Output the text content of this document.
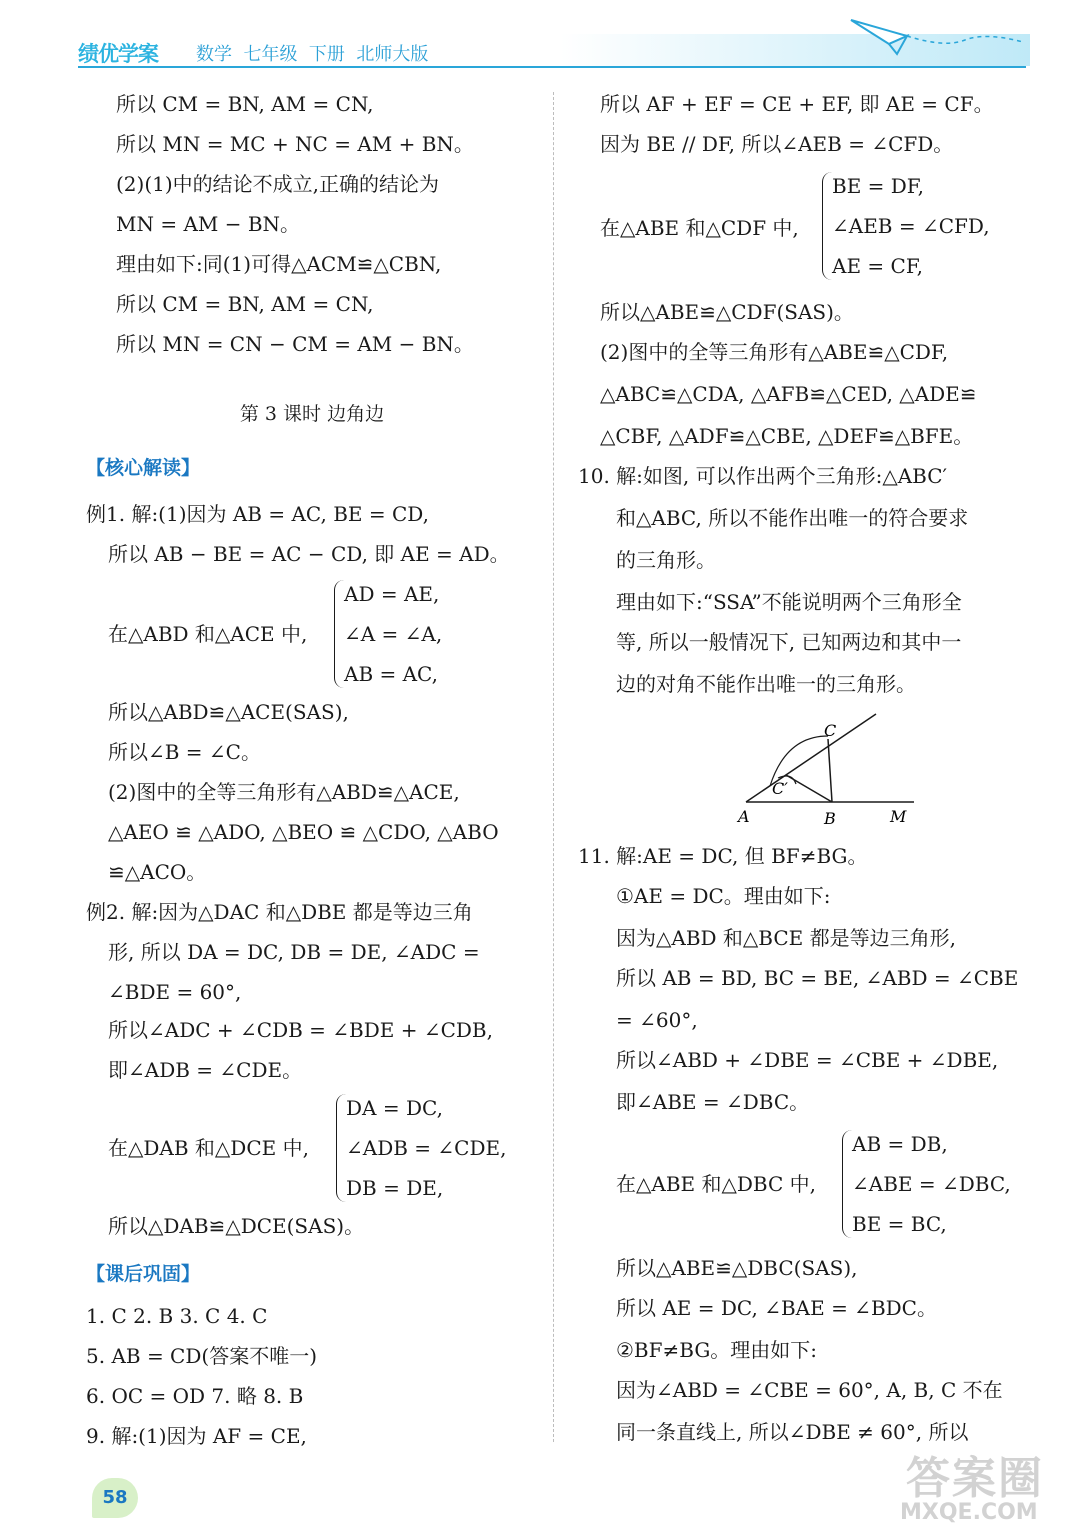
绩优学案 数学  七年级  下册  北师大版
所以 CM = BN, AM = CN,
所以 MN = MC + NC = AM + BN。
(2)(1)中的结论不成立,正确的结论为
MN = AM − BN。
理由如下:同(1)可得△ACM≌△CBN,
所以 CM = BN, AM = CN,
所以 MN = CN − CM = AM − BN。
例1. 解:(1)因为 AB = AC, BE = CD,
所以 AB − BE = AC − CD, 即 AE = AD。
在△ABD 和△ACE 中,
所以△ABD≌△ACE(SAS),
所以∠B = ∠C。
(2)图中的全等三角形有△ABD≌△ACE,
△AEO ≌ △ADO, △BEO ≌ △CDO, △ABO
≌△ACO。
例2. 解:因为△DAC 和△DBE 都是等边三角
形, 所以 DA = DC, DB = DE, ∠ADC =
∠BDE = 60°,
所以∠ADC + ∠CDB = ∠BDE + ∠CDB,
即∠ADB = ∠CDE。
在△DAB 和△DCE 中,
所以△DAB≌△DCE(SAS)。
1. C 2. B 3. C 4. C
5. AB = CD(答案不唯一)
6. OC = OD 7. 略 8. B
9. 解:(1)因为 AF = CE,
【核心解读】
【课后巩固】
第 3 课时 边角边
AD = AE,
∠A = ∠A,
AB = AC,
DA = DC,
∠ADB = ∠CDE,
DB = DE,
所以 AF + EF = CE + EF, 即 AE = CF。
因为 BE // DF, 所以∠AEB = ∠CFD。
在△ABE 和△CDF 中,
所以△ABE≌△CDF(SAS)。
(2)图中的全等三角形有△ABE≌△CDF,
△ABC≌△CDA, △AFB≌△CED, △ADE≌
△CBF, △ADF≌△CBE, △DEF≌△BFE。
10. 解:如图, 可以作出两个三角形:△ABC′
和△ABC, 所以不能作出唯一的符合要求
的三角形。
理由如下:“SSA”不能说明两个三角形全
等, 所以一般情况下, 已知两边和其中一
边的对角不能作出唯一的三角形。
11. 解:AE = DC, 但 BF≠BG。
①AE = DC。理由如下:
因为△ABD 和△BCE 都是等边三角形,
所以 AB = BD, BC = BE, ∠ABD = ∠CBE
= ∠60°,
所以∠ABD + ∠DBE = ∠CBE + ∠DBE,
即∠ABE = ∠DBC。
在△ABE 和△DBC 中,
所以△ABE≌△DBC(SAS),
所以 AE = DC, ∠BAE = ∠BDC。
②BF≠BG。理由如下:
因为∠ABD = ∠CBE = 60°, A, B, C 不在
同一条直线上, 所以∠DBE ≠ 60°, 所以
BE = DF,
∠AEB = ∠CFD,
AE = CF,
AB = DB,
∠ABE = ∠DBC,
BE = BC,
A	B	M
C
C′
58	答案圈
MXQE.COM
